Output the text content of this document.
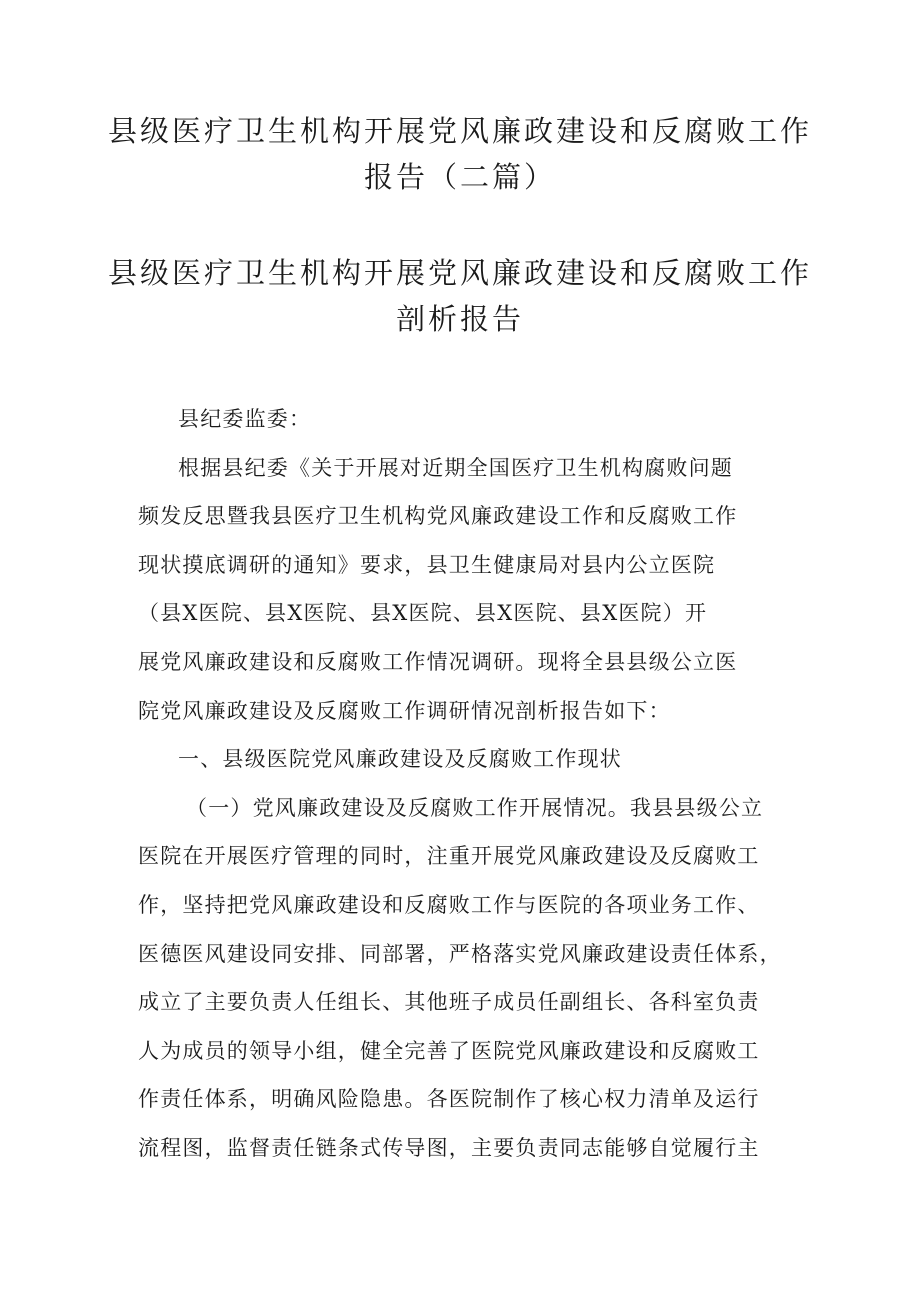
县级医疗卫生机构开展党风廉政建设和反腐败工作
报告（二篇）
县级医疗卫生机构开展党风廉政建设和反腐败工作
剖析报告
县纪委监委：
根据县纪委《关于开展对近期全国医疗卫生机构腐败问题
频发反思暨我县医疗卫生机构党风廉政建设工作和反腐败工作
现状摸底调研的通知》要求，县卫生健康局对县内公立医院
（县X医院、县X医院、县X医院、县X医院、县X医院）开
展党风廉政建设和反腐败工作情况调研。现将全县县级公立医
院党风廉政建设及反腐败工作调研情况剖析报告如下：
一、县级医院党风廉政建设及反腐败工作现状
（一）党风廉政建设及反腐败工作开展情况。我县县级公立
医院在开展医疗管理的同时，注重开展党风廉政建设及反腐败工
作，坚持把党风廉政建设和反腐败工作与医院的各项业务工作、
医德医风建设同安排、同部署，严格落实党风廉政建设责任体系，
成立了主要负责人任组长、其他班子成员任副组长、各科室负责
人为成员的领导小组，健全完善了医院党风廉政建设和反腐败工
作责任体系，明确风险隐患。各医院制作了核心权力清单及运行
流程图，监督责任链条式传导图，主要负责同志能够自觉履行主
